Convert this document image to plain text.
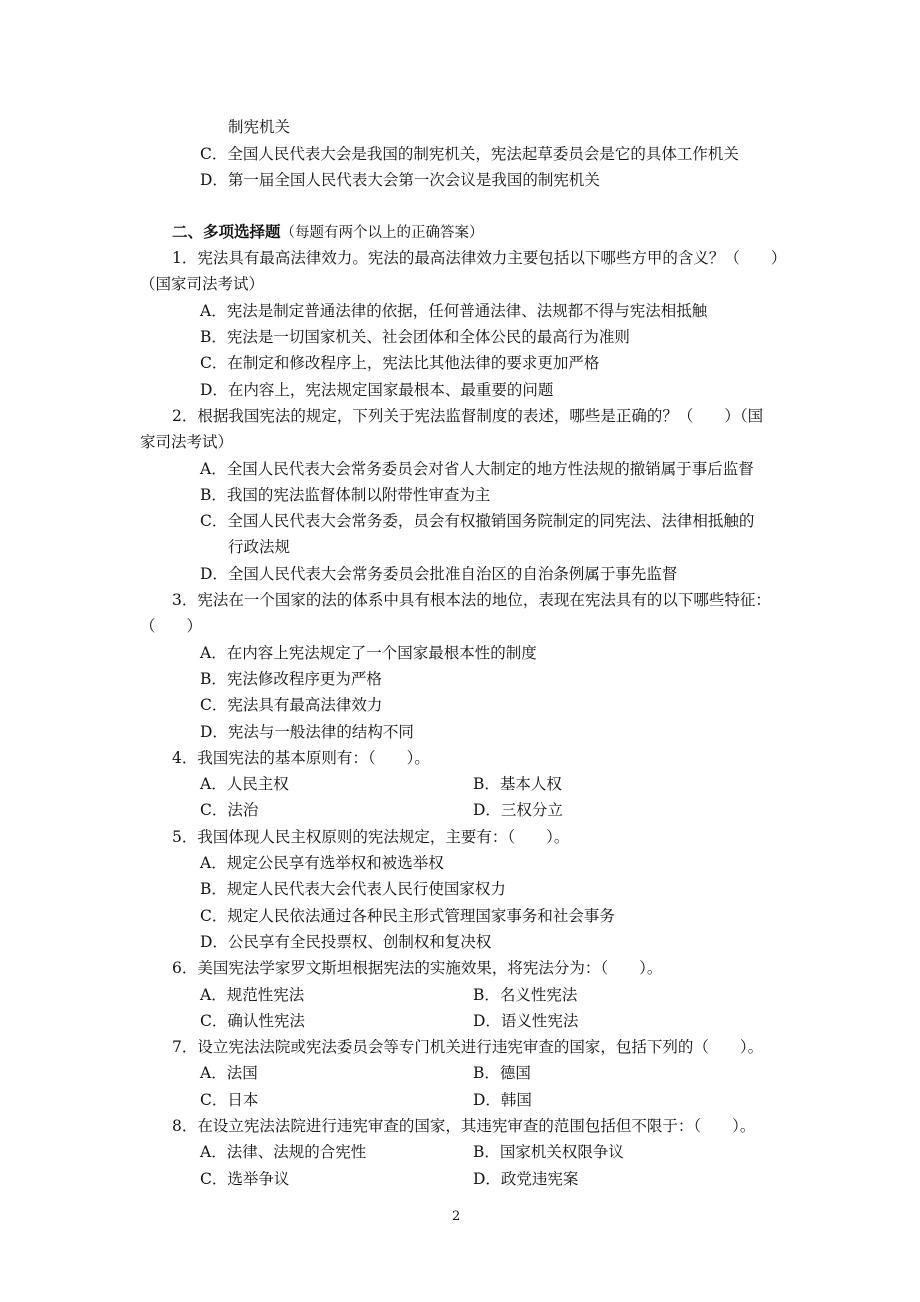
制宪机关
C．全国人民代表大会是我国的制宪机关，宪法起草委员会是它的具体工作机关
D．第一届全国人民代表大会第一次会议是我国的制宪机关
二、多项选择题（每题有两个以上的正确答案）
1．宪法具有最高法律效力。宪法的最高法律效力主要包括以下哪些方甲的含义？（　　）
（国家司法考试）
A．宪法是制定普通法律的依据，任何普通法律、法规都不得与宪法相抵触
B．宪法是一切国家机关、社会团体和全体公民的最高行为准则
C．在制定和修改程序上，宪法比其他法律的要求更加严格
D．在内容上，宪法规定国家最根本、最重要的问题
2．根据我国宪法的规定，下列关于宪法监督制度的表述，哪些是正确的？（　　）（国
家司法考试）
A．全国人民代表大会常务委员会对省人大制定的地方性法规的撤销属于事后监督
B．我国的宪法监督体制以附带性审查为主
C．全国人民代表大会常务委，员会有权撤销国务院制定的同宪法、法律相抵触的
行政法规
D．全国人民代表大会常务委员会批准自治区的自治条例属于事先监督
3．宪法在一个国家的法的体系中具有根本法的地位，表现在宪法具有的以下哪些特征：
（　　）
A．在内容上宪法规定了一个国家最根本性的制度
B．宪法修改程序更为严格
C．宪法具有最高法律效力
D．宪法与一般法律的结构不同
4．我国宪法的基本原则有：（　　）。
A．人民主权	B．基本人权
C．法治	D．三权分立
5．我国体现人民主权原则的宪法规定，主要有：（　　）。
A．规定公民享有选举权和被选举权
B．规定人民代表大会代表人民行使国家权力
C．规定人民依法通过各种民主形式管理国家事务和社会事务
D．公民享有全民投票权、创制权和复决权
6．美国宪法学家罗文斯坦根据宪法的实施效果，将宪法分为：（　　）。
A．规范性宪法	B．名义性宪法
C．确认性宪法	D．语义性宪法
7．设立宪法法院或宪法委员会等专门机关进行违宪审查的国家，包括下列的（　　）。
A．法国	B．德国
C．日本	D．韩国
8．在设立宪法法院进行违宪审查的国家，其违宪审查的范围包括但不限于：（　　）。
A．法律、法规的合宪性	B．国家机关权限争议
C．选举争议	D．政党违宪案
2
